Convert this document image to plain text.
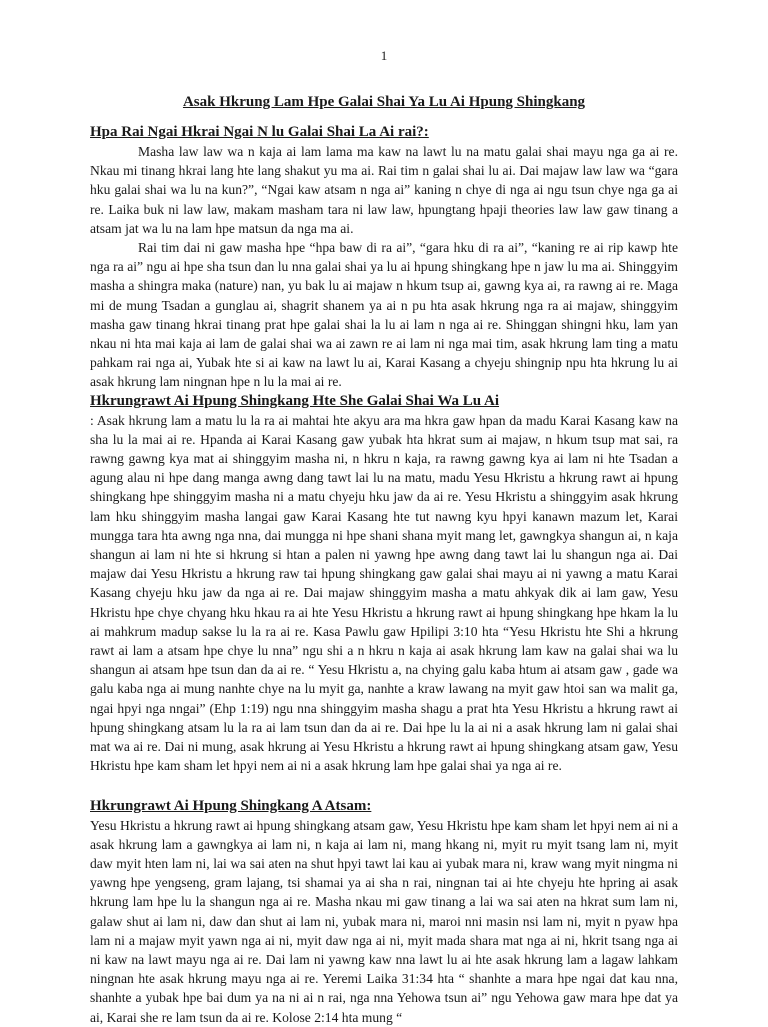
1
Asak Hkrung Lam Hpe Galai Shai Ya Lu Ai Hpung Shingkang
Hpa Rai Ngai Hkrai Ngai N lu Galai Shai La Ai rai?:

Masha law law wa n kaja ai lam lama ma kaw na lawt lu na matu galai shai mayu nga ga ai re. Nkau mi tinang hkrai lang hte lang shakut yu ma ai. Rai tim n galai shai lu ai. Dai majaw law law wa “gara hku galai shai wa lu na kun?”, “Ngai kaw atsam n nga ai” kaning n chye di nga ai ngu tsun chye nga ga ai re. Laika buk ni law law, makam masham tara ni law law, hpungtang hpaji theories law law gaw tinang a atsam jat wa lu na lam hpe matsun da nga ma ai.

Rai tim dai ni gaw masha hpe “hpa baw di ra ai”, “gara hku di ra ai”, “kaning re ai rip kawp hte nga ra ai” ngu ai hpe sha tsun dan lu nna galai shai ya lu ai hpung shingkang hpe n jaw lu ma ai. Shinggyim masha a shingra maka (nature) nan, yu bak lu ai majaw n hkum tsup ai, gawng kya ai, ra rawng ai re. Maga mi de mung Tsadan a gunglau ai, shagrit shanem ya ai n pu hta asak hkrung nga ra ai majaw, shinggyim masha gaw tinang hkrai tinang prat hpe galai shai la lu ai lam n nga ai re. Shinggan shingni hku, lam yan nkau ni hta mai kaja ai lam de galai shai wa ai zawn re ai lam ni nga mai tim, asak hkrung lam ting a matu pahkam rai nga ai, Yubak hte si ai kaw na lawt lu ai, Karai Kasang a chyeju shingnip npu hta hkrung lu ai asak hkrung lam ningnan hpe n lu la mai ai re.

Hkrungrawt Ai Hpung Shingkang Hte She Galai Shai Wa Lu Ai

: Asak hkrung lam a matu lu la ra ai mahtai hte akyu ara ma hkra gaw hpan da madu Karai Kasang kaw na sha lu la mai ai re. Hpanda ai Karai Kasang gaw yubak hta hkrat sum ai majaw, n hkum tsup mat sai, ra rawng gawng kya mat ai shinggyim masha ni, n hkru n kaja, ra rawng gawng kya ai lam ni hte Tsadan a agung alau ni hpe dang manga awng dang tawt lai lu na matu, madu Yesu Hkristu a hkrung rawt ai hpung shingkang hpe shinggyim masha ni a matu chyeju hku jaw da ai re. Yesu Hkristu a shinggyim asak hkrung lam hku shinggyim masha langai gaw Karai Kasang hte tut nawng kyu hpyi kanawn mazum let, Karai mungga tara hta awng nga nna, dai mungga ni hpe shani shana myit mang let, gawngkya shangun ai, n kaja shangun ai lam ni hte si hkrung si htan a palen ni yawng hpe awng dang tawt lai lu shangun nga ai. Dai majaw dai Yesu Hkristu a hkrung raw tai hpung shingkang gaw galai shai mayu ai ni yawng a matu Karai Kasang chyeju hku jaw da nga ai re. Dai majaw shinggyim masha a matu ahkyak dik ai lam gaw, Yesu Hkristu hpe chye chyang hku hkau ra ai hte Yesu Hkristu a hkrung rawt ai hpung shingkang hpe hkam la lu ai mahkrum madup sakse lu la ra ai re. Kasa Pawlu gaw Hpilipi 3:10 hta “Yesu Hkristu hte Shi a hkrung rawt ai lam a atsam hpe chye lu nna” ngu shi a n hkru n kaja ai asak hkrung lam kaw na galai shai wa lu shangun ai atsam hpe tsun dan da ai re. “ Yesu Hkristu a, na chying galu kaba htum ai atsam gaw , gade wa galu kaba nga ai mung nanhte chye na lu myit ga, nanhte a kraw lawang na myit gaw htoi san wa malit ga, ngai hpyi nga nngai” (Ehp 1:19) ngu nna shinggyim masha shagu a prat hta Yesu Hkristu a hkrung rawt ai hpung shingkang atsam lu la ra ai lam tsun dan da ai re. Dai hpe lu la ai ni a asak hkrung lam ni galai shai mat wa ai re. Dai ni mung, asak hkrung ai Yesu Hkristu a hkrung rawt ai hpung shingkang atsam gaw, Yesu Hkristu hpe kam sham let hpyi nem ai ni a asak hkrung lam hpe galai shai ya nga ai re.

Hkrungrawt Ai Hpung Shingkang A Atsam:

Yesu Hkristu a hkrung rawt ai hpung shingkang atsam gaw, Yesu Hkristu hpe kam sham let hpyi nem ai ni a asak hkrung lam a gawngkya ai lam ni, n kaja ai lam ni, mang hkang ni, myit ru myit tsang lam ni, myit daw myit hten lam ni, lai wa sai aten na shut hpyi tawt lai kau ai yubak mara ni, kraw wang myit ningma ni yawng hpe yengseng, gram lajang, tsi shamai ya ai sha n rai, ningnan tai ai hte chyeju hte hpring ai asak hkrung lam hpe lu la shangun nga ai re. Masha nkau mi gaw tinang a lai wa sai aten na hkrat sum lam ni, galaw shut ai lam ni, daw dan shut ai lam ni, yubak mara ni, maroi nni masin nsi lam ni, myit n pyaw hpa lam ni a majaw myit yawn nga ai ni, myit daw nga ai ni, myit mada shara mat nga ai ni, hkrit tsang nga ai ni kaw na lawt mayu nga ai re. Dai lam ni yawng kaw nna lawt lu ai hte asak hkrung lam a lagaw lahkam ningnan hte asak hkrung mayu nga ai re. Yeremi Laika 31:34 hta “ shanhte a mara hpe ngai dat kau nna, shanhte a yubak hpe bai dum ya na ni ai n rai, nga nna Yehowa tsun ai” ngu Yehowa gaw mara hpe dat ya ai, Karai she re lam tsun da ai re. Kolose 2:14 hta mung “
